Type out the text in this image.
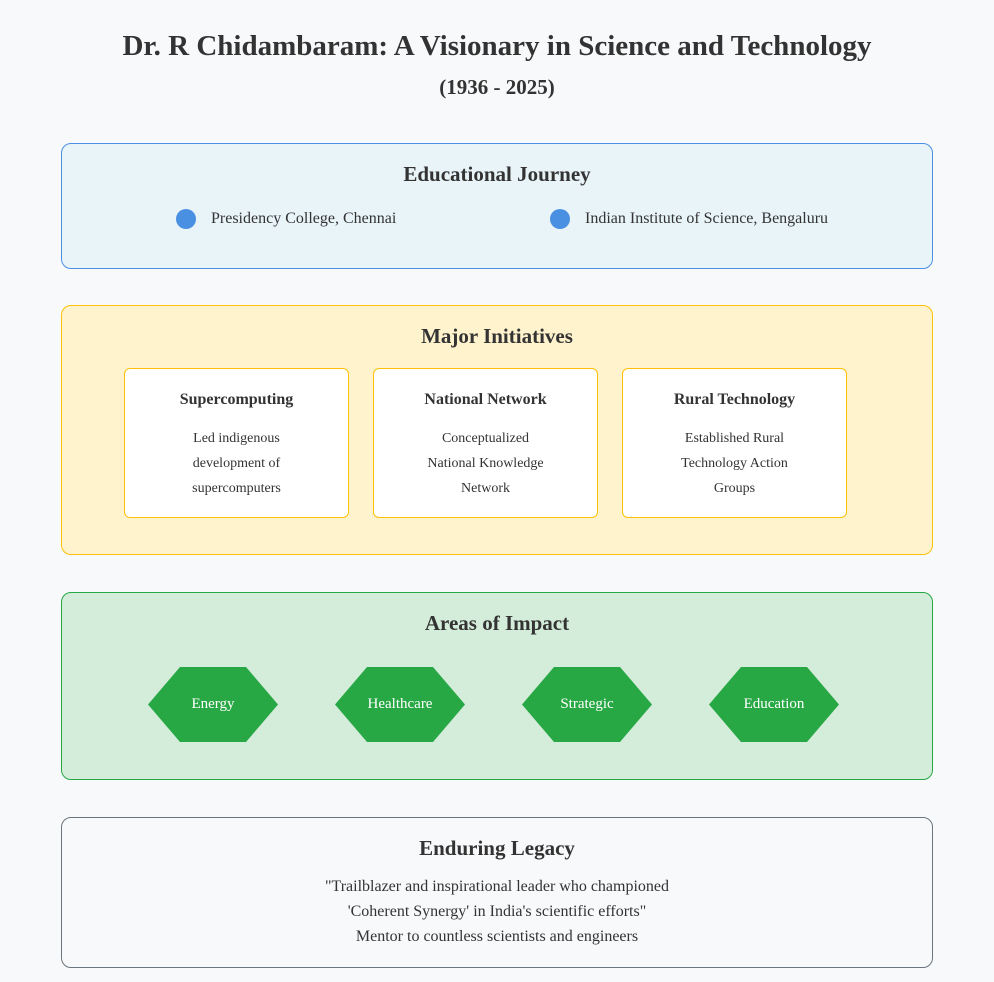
Dr. R Chidambaram: A Visionary in Science and Technology
(1936 - 2025)
Educational Journey
Presidency College, Chennai	Indian Institute of Science, Bengaluru
Major Initiatives
Supercomputing
Led indigenous
development of
supercomputers
National Network
Conceptualized
National Knowledge
Network
Rural Technology
Established Rural
Technology Action
Groups
Areas of Impact
Energy	Healthcare	Strategic	Education
Enduring Legacy
"Trailblazer and inspirational leader who championed
'Coherent Synergy' in India's scientific efforts"
Mentor to countless scientists and engineers
